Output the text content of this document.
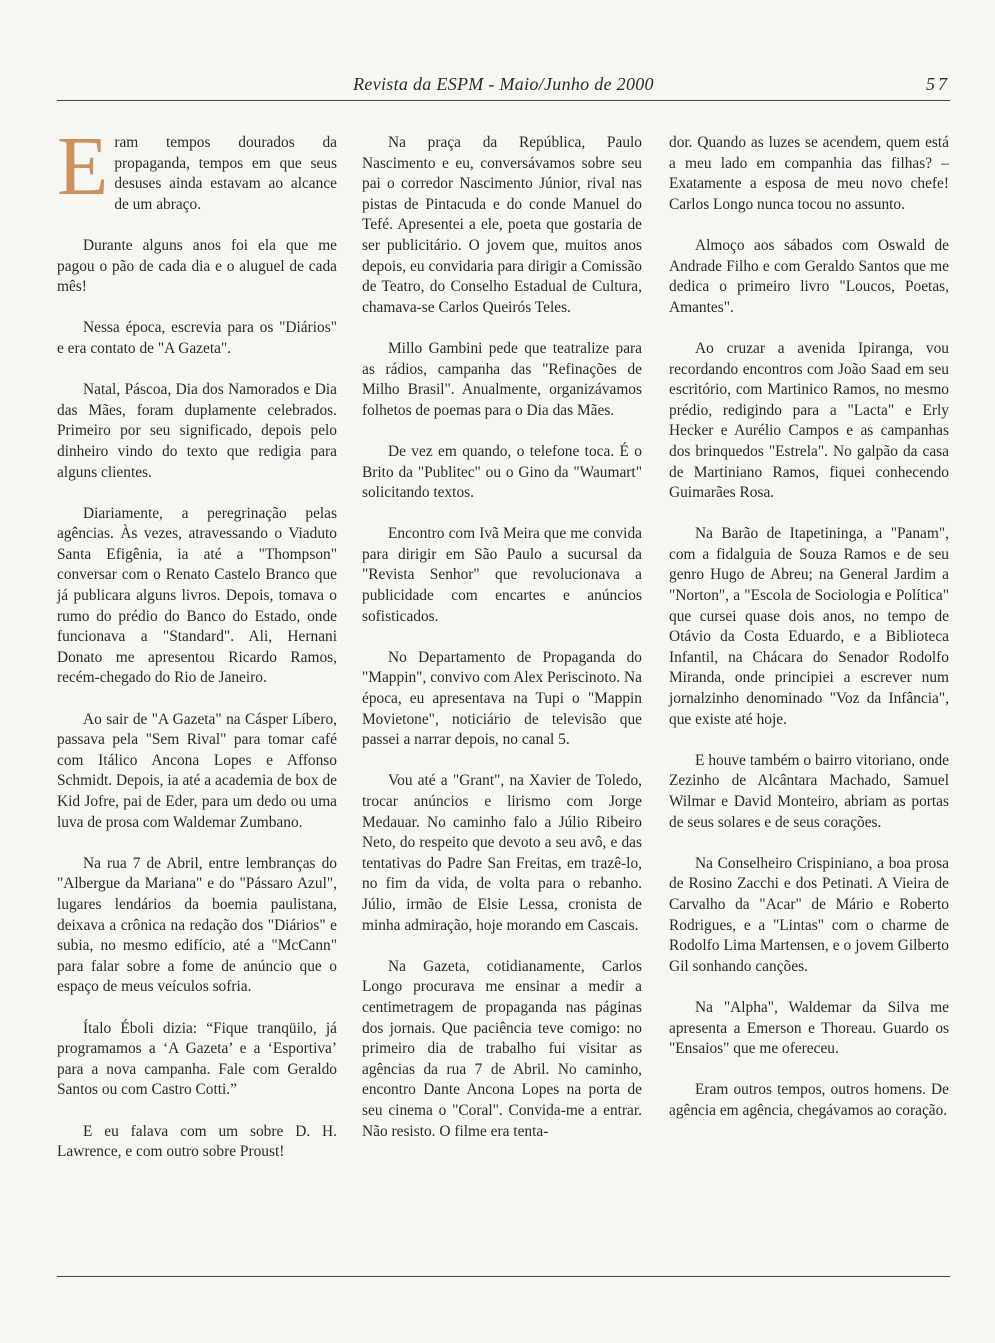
Revista da ESPM - Maio/Junho de 2000	57

Eram tempos dourados da propaganda, tempos em que seus desuses ainda estavam ao alcance de um abraço.

Durante alguns anos foi ela que me pagou o pão de cada dia e o aluguel de cada mês!

Nessa época, escrevia para os "Diários" e era contato de "A Gazeta".

Natal, Páscoa, Dia dos Namorados e Dia das Mães, foram duplamente celebrados. Primeiro por seu significado, depois pelo dinheiro vindo do texto que redigia para alguns clientes.

Diariamente, a peregrinação pelas agências. Às vezes, atravessando o Viaduto Santa Efigênia, ia até a "Thompson" conversar com o Renato Castelo Branco que já publicara alguns livros. Depois, tomava o rumo do prédio do Banco do Estado, onde funcionava a "Standard". Ali, Hernani Donato me apresentou Ricardo Ramos, recém-chegado do Rio de Janeiro.

Ao sair de "A Gazeta" na Cásper Líbero, passava pela "Sem Rival" para tomar café com Itálico Ancona Lopes e Affonso Schmidt. Depois, ia até a academia de box de Kid Jofre, pai de Eder, para um dedo ou uma luva de prosa com Waldemar Zumbano.

Na rua 7 de Abril, entre lembranças do "Albergue da Mariana" e do "Pássaro Azul", lugares lendários da boemia paulistana, deixava a crônica na redação dos "Diários" e subia, no mesmo edifício, até a "McCann" para falar sobre a fome de anúncio que o espaço de meus veículos sofria.

Ítalo Éboli dizia: “Fique tranqüilo, já programamos a ‘A Gazeta’ e a ‘Esportiva’ para a nova campanha. Fale com Geraldo Santos ou com Castro Cotti.”

E eu falava com um sobre D. H. Lawrence, e com outro sobre Proust!

Na praça da República, Paulo Nascimento e eu, conversávamos sobre seu pai o corredor Nascimento Júnior, rival nas pistas de Pintacuda e do conde Manuel do Tefé. Apresentei a ele, poeta que gostaria de ser publicitário. O jovem que, muitos anos depois, eu convidaria para dirigir a Comissão de Teatro, do Conselho Estadual de Cultura, chamava-se Carlos Queirós Teles.

Millo Gambini pede que teatralize para as rádios, campanha das "Refinações de Milho Brasil". Anualmente, organizávamos folhetos de poemas para o Dia das Mães.

De vez em quando, o telefone toca. É o Brito da "Publitec" ou o Gino da "Waumart" solicitando textos.

Encontro com Ivã Meira que me convida para dirigir em São Paulo a sucursal da "Revista Senhor" que revolucionava a publicidade com encartes e anúncios sofisticados.

No Departamento de Propaganda do "Mappin", convivo com Alex Periscinoto. Na época, eu apresentava na Tupi o "Mappin Movietone", noticiário de televisão que passei a narrar depois, no canal 5.

Vou até a "Grant", na Xavier de Toledo, trocar anúncios e lirismo com Jorge Medauar. No caminho falo a Júlio Ribeiro Neto, do respeito que devoto a seu avô, e das tentativas do Padre San Freitas, em trazê-lo, no fim da vida, de volta para o rebanho. Júlio, irmão de Elsie Lessa, cronista de minha admiração, hoje morando em Cascais.

Na Gazeta, cotidianamente, Carlos Longo procurava me ensinar a medir a centimetragem de propaganda nas páginas dos jornais. Que paciência teve comigo: no primeiro dia de trabalho fui visitar as agências da rua 7 de Abril. No caminho, encontro Dante Ancona Lopes na porta de seu cinema o "Coral". Convida-me a entrar. Não resisto. O filme era tenta-

dor. Quando as luzes se acendem, quem está a meu lado em companhia das filhas? – Exatamente a esposa de meu novo chefe! Carlos Longo nunca tocou no assunto.

Almoço aos sábados com Oswald de Andrade Filho e com Geraldo Santos que me dedica o primeiro livro "Loucos, Poetas, Amantes".

Ao cruzar a avenida Ipiranga, vou recordando encontros com João Saad em seu escritório, com Martinico Ramos, no mesmo prédio, redigindo para a "Lacta" e Erly Hecker e Aurélio Campos e as campanhas dos brinquedos "Estrela". No galpão da casa de Martiniano Ramos, fiquei conhecendo Guimarães Rosa.

Na Barão de Itapetininga, a "Panam", com a fidalguia de Souza Ramos e de seu genro Hugo de Abreu; na General Jardim a "Norton", a "Escola de Sociologia e Política" que cursei quase dois anos, no tempo de Otávio da Costa Eduardo, e a Biblioteca Infantil, na Chácara do Senador Rodolfo Miranda, onde principiei a escrever num jornalzinho denominado "Voz da Infância", que existe até hoje.

E houve também o bairro vitoriano, onde Zezinho de Alcântara Machado, Samuel Wilmar e David Monteiro, abriam as portas de seus solares e de seus corações.

Na Conselheiro Crispiniano, a boa prosa de Rosino Zacchi e dos Petinati. A Vieira de Carvalho da "Acar" de Mário e Roberto Rodrigues, e a "Lintas" com o charme de Rodolfo Lima Martensen, e o jovem Gilberto Gil sonhando canções.

Na "Alpha", Waldemar da Silva me apresenta a Emerson e Thoreau. Guardo os "Ensaios" que me ofereceu.

Eram outros tempos, outros homens. De agência em agência, chegávamos ao coração.
